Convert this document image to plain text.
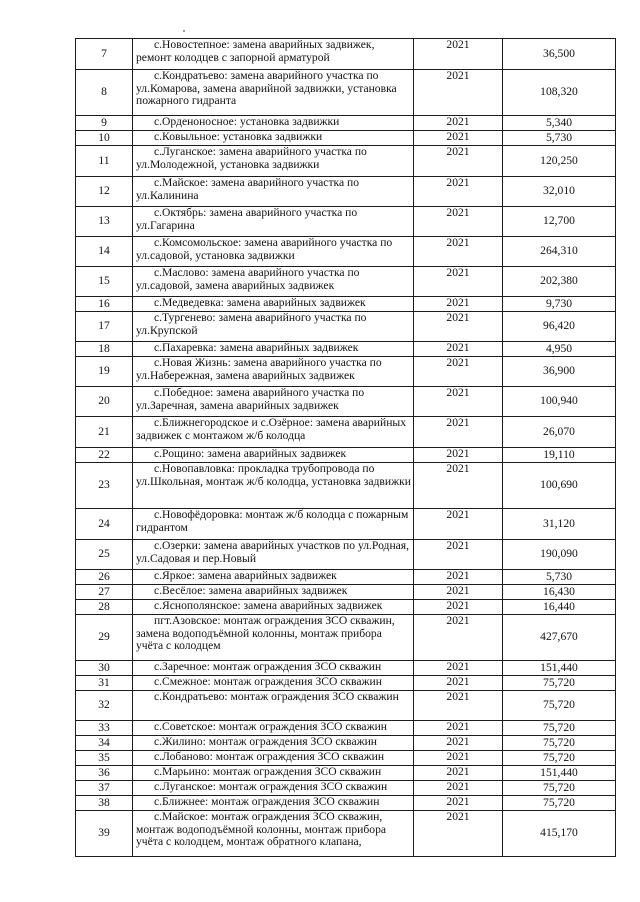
7	с.Новостепное: замена аварийных задвижек, ремонт колодцев с запорной арматурой	2021	36,500
8	с.Кондратьево: замена аварийного участка по ул.Комарова, замена аварийной задвижки, установка пожарного гидранта	2021	108,320
9	с.Орденоносное: установка задвижки	2021	5,340
10	с.Ковыльное: установка задвижки	2021	5,730
11	с.Луганское: замена аварийного участка по ул.Молодежной, установка задвижки	2021	120,250
12	с.Майское: замена аварийного участка по ул.Калинина	2021	32,010
13	с.Октябрь: замена аварийного участка по ул.Гагарина	2021	12,700
14	с.Комсомольское: замена аварийного участка по ул.садовой, установка задвижки	2021	264,310
15	с.Маслово: замена аварийного участка по ул.садовой, замена аварийных задвижек	2021	202,380
16	с.Медведевка: замена аварийных задвижек	2021	9,730
17	с.Тургенево: замена аварийного участка по ул.Крупской	2021	96,420
18	с.Пахаревка: замена аварийных задвижек	2021	4,950
19	с.Новая Жизнь: замена аварийного участка по ул.Набережная, замена аварийных задвижек	2021	36,900
20	с.Победное: замена аварийного участка по ул.Заречная, замена аварийных задвижек	2021	100,940
21	с.Ближнегородское и с.Озёрное: замена аварийных задвижек с монтажом ж/б колодца	2021	26,070
22	с.Рощино: замена аварийных задвижек	2021	19,110
23	с.Новопавловка: прокладка трубопровода по ул.Школьная, монтаж ж/б колодца, установка задвижки	2021	100,690
24	с.Новофёдоровка: монтаж ж/б колодца с пожарным гидрантом	2021	31,120
25	с.Озерки: замена аварийных участков по ул.Родная, ул.Садовая и пер.Новый	2021	190,090
26	с.Яркое: замена аварийных задвижек	2021	5,730
27	с.Весёлое: замена аварийных задвижек	2021	16,430
28	с.Яснополянское: замена аварийных задвижек	2021	16,440
29	пгт.Азовское: монтаж ограждения ЗСО скважин, замена водоподъёмной колонны, монтаж прибора учёта с колодцем	2021	427,670
30	с.Заречное: монтаж ограждения ЗСО скважин	2021	151,440
31	с.Смежное: монтаж ограждения ЗСО скважин	2021	75,720
32	с.Кондратьево: монтаж ограждения ЗСО скважин	2021	75,720
33	с.Советское: монтаж ограждения ЗСО скважин	2021	75,720
34	с.Жилино: монтаж ограждения ЗСО скважин	2021	75,720
35	с.Лобаново: монтаж ограждения ЗСО скважин	2021	75,720
36	с.Марьино: монтаж ограждения ЗСО скважин	2021	151,440
37	с.Луганское: монтаж ограждения ЗСО скважин	2021	75,720
38	с.Ближнее: монтаж ограждения ЗСО скважин	2021	75,720
39	с.Майское: монтаж ограждения ЗСО скважин, монтаж водоподъёмной колонны, монтаж прибора учёта с колодцем, монтаж обратного клапана,	2021	415,170
